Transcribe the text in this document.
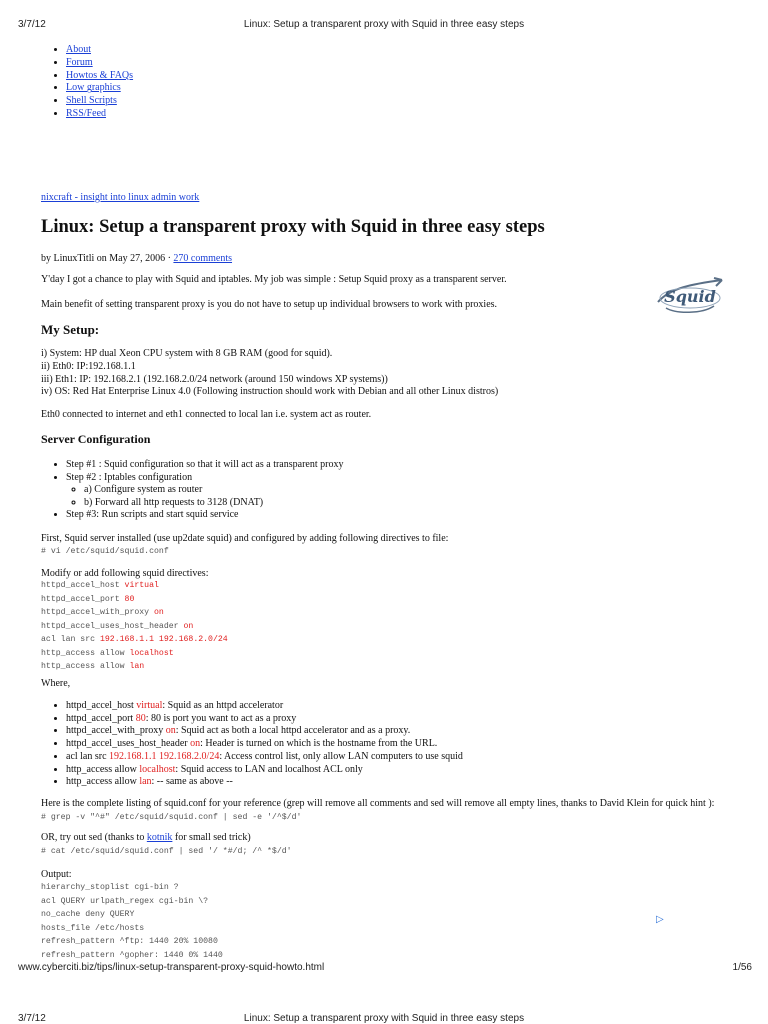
3/7/12	Linux: Setup a transparent proxy with Squid in three easy steps
• About
• Forum
• Howtos & FAQs
• Low graphics
• Shell Scripts
• RSS/Feed
nixcraft - insight into linux admin work
Linux: Setup a transparent proxy with Squid in three easy steps
by LinuxTitli on May 27, 2006 · 270 comments
Squid
Y'day I got a chance to play with Squid and iptables. My job was simple : Setup Squid proxy as a transparent server.
Main benefit of setting transparent proxy is you do not have to setup up individual browsers to work with proxies.
My Setup:
i) System: HP dual Xeon CPU system with 8 GB RAM (good for squid).
ii) Eth0: IP:192.168.1.1
iii) Eth1: IP: 192.168.2.1 (192.168.2.0/24 network (around 150 windows XP systems))
iv) OS: Red Hat Enterprise Linux 4.0 (Following instruction should work with Debian and all other Linux distros)
Eth0 connected to internet and eth1 connected to local lan i.e. system act as router.
Server Configuration
• Step #1 : Squid configuration so that it will act as a transparent proxy
• Step #2 : Iptables configuration
◦ a) Configure system as router
◦ b) Forward all http requests to 3128 (DNAT)
• Step #3: Run scripts and start squid service
First, Squid server installed (use up2date squid) and configured by adding following directives to file:
# vi /etc/squid/squid.conf
Modify or add following squid directives:
httpd_accel_host virtual
httpd_accel_port 80
httpd_accel_with_proxy on
httpd_accel_uses_host_header on
acl lan src 192.168.1.1 192.168.2.0/24
http_access allow localhost
http_access allow lan
Where,
• httpd_accel_host virtual: Squid as an httpd accelerator
• httpd_accel_port 80: 80 is port you want to act as a proxy
• httpd_accel_with_proxy on: Squid act as both a local httpd accelerator and as a proxy.
• httpd_accel_uses_host_header on: Header is turned on which is the hostname from the URL.
• acl lan src 192.168.1.1 192.168.2.0/24: Access control list, only allow LAN computers to use squid
• http_access allow localhost: Squid access to LAN and localhost ACL only
• http_access allow lan: -- same as above --
Here is the complete listing of squid.conf for your reference (grep will remove all comments and sed will remove all empty lines, thanks to David Klein for quick hint ):
# grep -v "^#" /etc/squid/squid.conf | sed -e '/^$/d'
OR, try out sed (thanks to kotnik for small sed trick)
# cat /etc/squid/squid.conf | sed '/ *#/d; /^ *$/d'
Output:
hierarchy_stoplist cgi-bin ?
acl QUERY urlpath_regex cgi-bin \?
no_cache deny QUERY
hosts_file /etc/hosts
refresh_pattern ^ftp: 1440 20% 10080
refresh_pattern ^gopher: 1440 0% 1440
▷
www.cyberciti.biz/tips/linux-setup-transparent-proxy-squid-howto.html	1/56
3/7/12	Linux: Setup a transparent proxy with Squid in three easy steps
